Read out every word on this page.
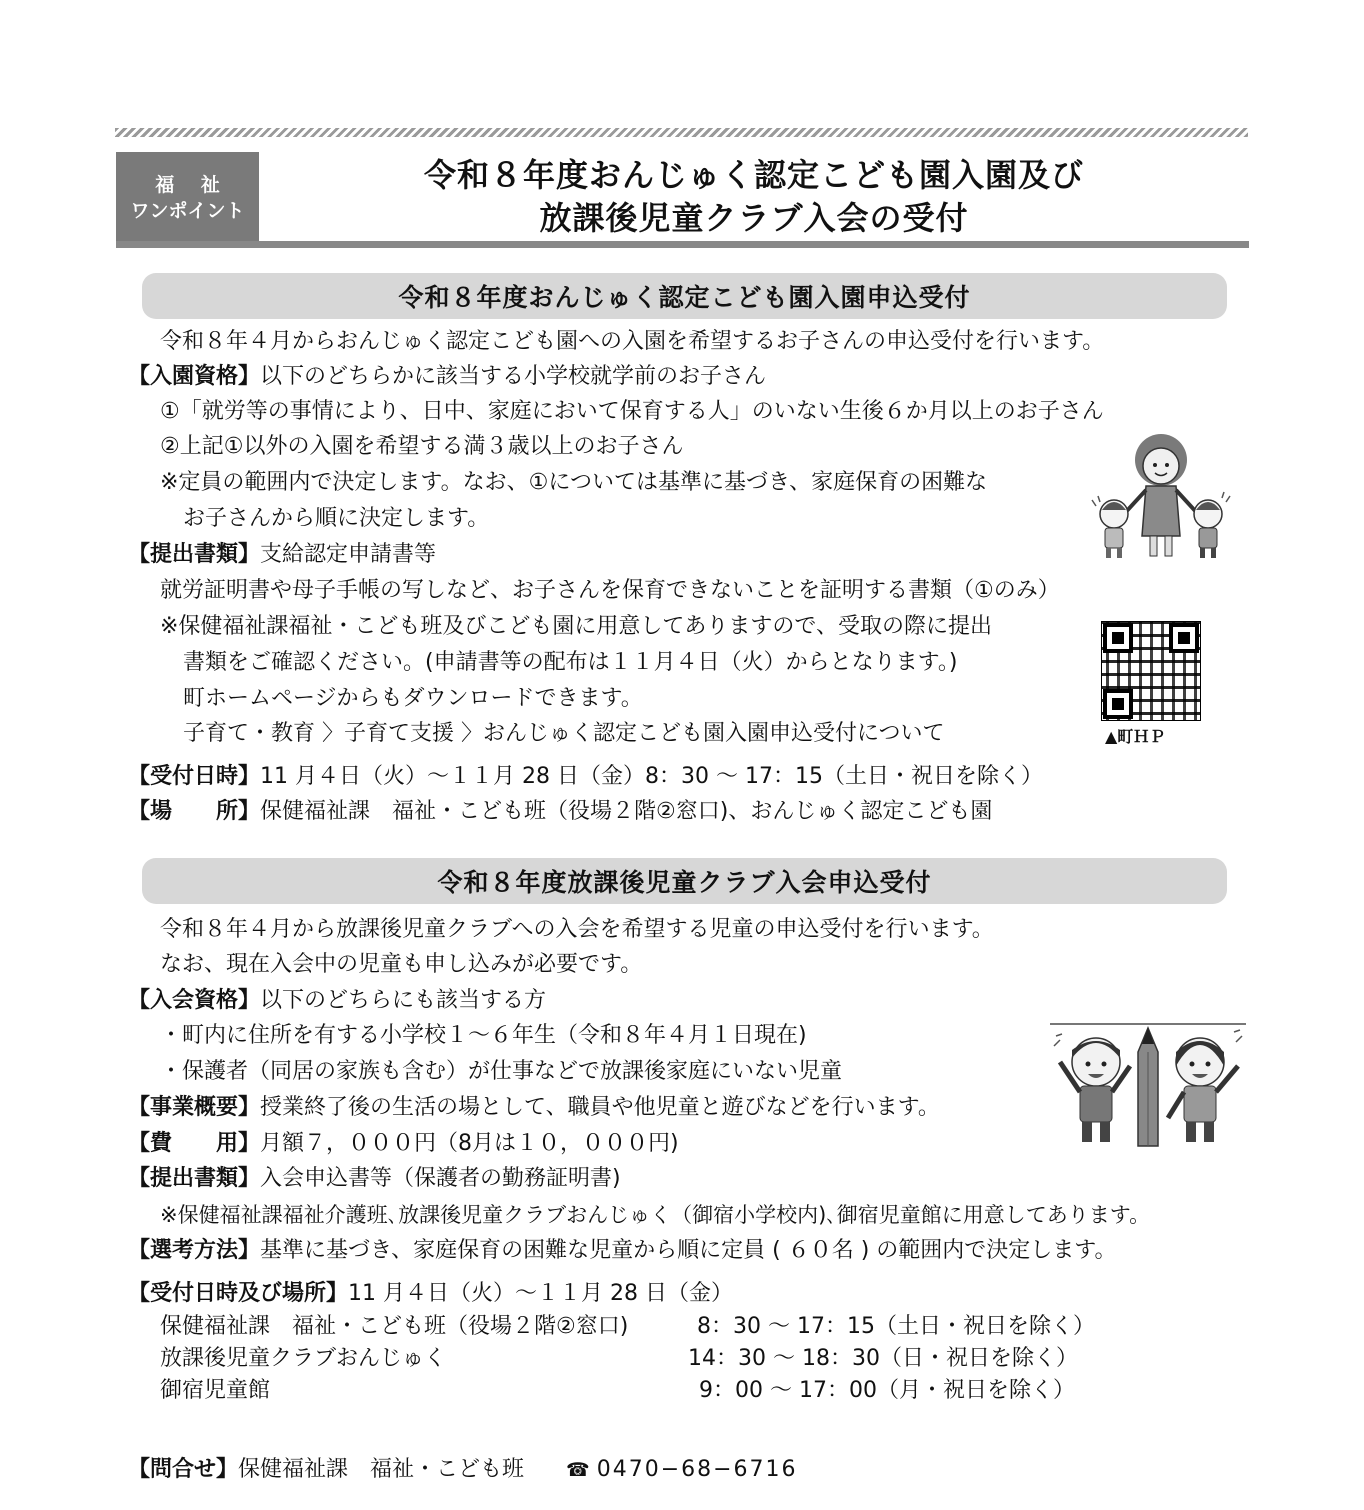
福 祉
ワンポイント
令和８年度おんじゅく認定こども園入園及び
放課後児童クラブ入会の受付
令和８年度おんじゅく認定こども園入園申込受付
令和８年４月からおんじゅく認定こども園への入園を希望するお子さんの申込受付を行います。
【入園資格】以下のどちらかに該当する小学校就学前のお子さん
①「就労等の事情により、日中、家庭において保育する人」のいない生後６か月以上のお子さん
②上記①以外の入園を希望する満３歳以上のお子さん
※定員の範囲内で決定します。なお、①については基準に基づき、家庭保育の困難な
お子さんから順に決定します。
【提出書類】支給認定申請書等
就労証明書や母子手帳の写しなど、お子さんを保育できないことを証明する書類（①のみ）
※保健福祉課福祉・こども班及びこども園に用意してありますので、受取の際に提出
書類をご確認ください。(申請書等の配布は１１月４日（火）からとなります。)
町ホームページからもダウンロードできます。
子育て・教育 〉子育て支援 〉おんじゅく認定こども園入園申込受付について	▲町ＨＰ
【受付日時】11 月４日（火）～１１月 28 日（金）8：30 ～ 17：15（土日・祝日を除く）
【場　　所】保健福祉課　福祉・こども班（役場２階②窓口)、おんじゅく認定こども園
令和８年度放課後児童クラブ入会申込受付
令和８年４月から放課後児童クラブへの入会を希望する児童の申込受付を行います。
なお、現在入会中の児童も申し込みが必要です。
【入会資格】以下のどちらにも該当する方
・町内に住所を有する小学校１～６年生（令和８年４月１日現在)
・保護者（同居の家族も含む）が仕事などで放課後家庭にいない児童
【事業概要】授業終了後の生活の場として、職員や他児童と遊びなどを行います。
【費　　用】月額７，０００円（8月は１０，０００円)
【提出書類】入会申込書等（保護者の勤務証明書)
※保健福祉課福祉介護班､放課後児童クラブおんじゅく（御宿小学校内)､御宿児童館に用意してあります。
【選考方法】基準に基づき、家庭保育の困難な児童から順に定員 ( ６０名 ) の範囲内で決定します。
【受付日時及び場所】11 月４日（火）～１１月 28 日（金）
保健福祉課　福祉・こども班（役場２階②窓口)	8：30 ～ 17：15（土日・祝日を除く）
放課後児童クラブおんじゅく	14：30 ～ 18：30（日・祝日を除く）
御宿児童館	9：00 ～ 17：00（月・祝日を除く）
【問合せ】保健福祉課　福祉・こども班 ☎ 0470−68−6716
